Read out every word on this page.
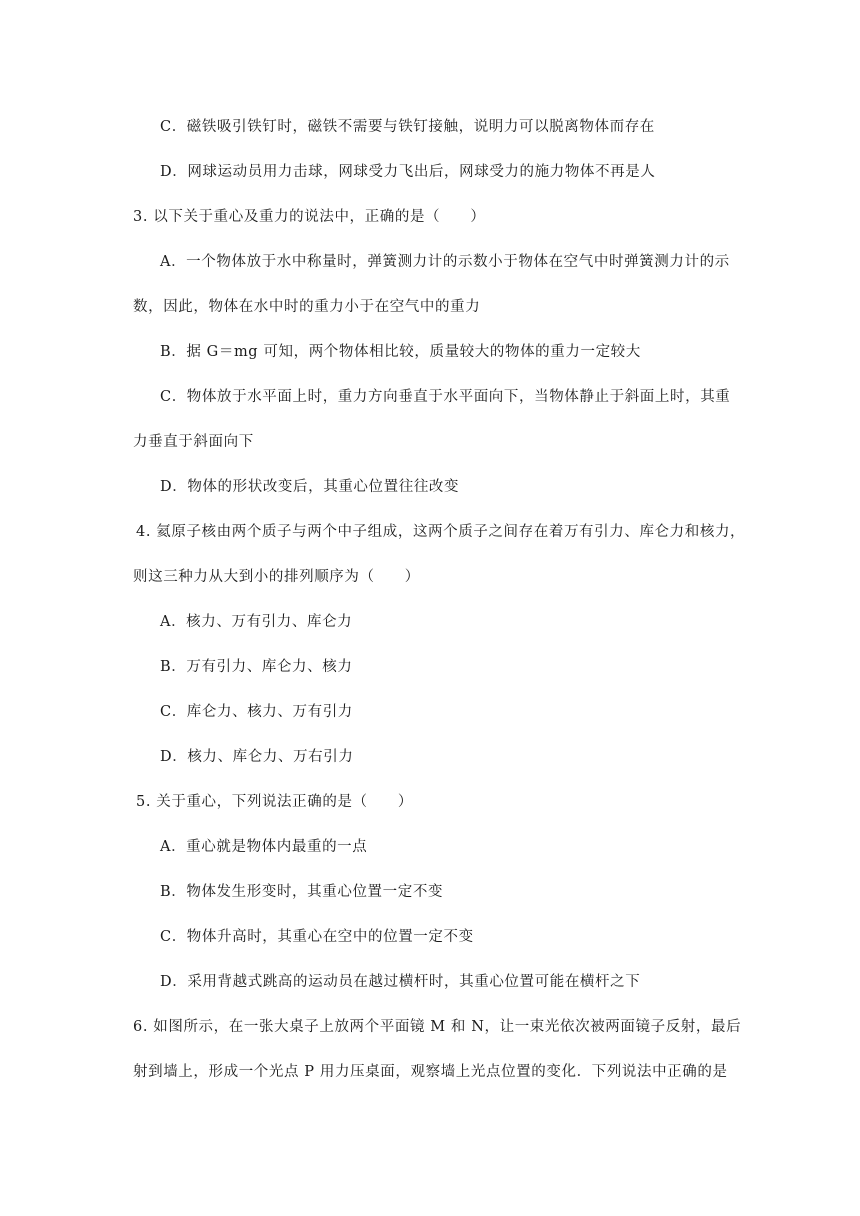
C．磁铁吸引铁钉时，磁铁不需要与铁钉接触，说明力可以脱离物体而存在
D．网球运动员用力击球，网球受力飞出后，网球受力的施力物体不再是人
3. 以下关于重心及重力的说法中，正确的是（　　）
A．一个物体放于水中称量时，弹簧测力计的示数小于物体在空气中时弹簧测力计的示
数，因此，物体在水中时的重力小于在空气中的重力
B．据 G＝mg 可知，两个物体相比较，质量较大的物体的重力一定较大
C．物体放于水平面上时，重力方向垂直于水平面向下，当物体静止于斜面上时，其重
力垂直于斜面向下
D．物体的形状改变后，其重心位置往往改变
4. 氦原子核由两个质子与两个中子组成，这两个质子之间存在着万有引力、库仑力和核力，
则这三种力从大到小的排列顺序为（　　）
A．核力、万有引力、库仑力
B．万有引力、库仑力、核力
C．库仑力、核力、万有引力
D．核力、库仑力、万右引力
5. 关于重心，下列说法正确的是（　　）
A．重心就是物体内最重的一点
B．物体发生形变时，其重心位置一定不变
C．物体升高时，其重心在空中的位置一定不变
D．采用背越式跳高的运动员在越过横杆时，其重心位置可能在横杆之下
6. 如图所示，在一张大桌子上放两个平面镜 M 和 N，让一束光依次被两面镜子反射，最后
射到墙上，形成一个光点 P 用力压桌面，观察墙上光点位置的变化．下列说法中正确的是
